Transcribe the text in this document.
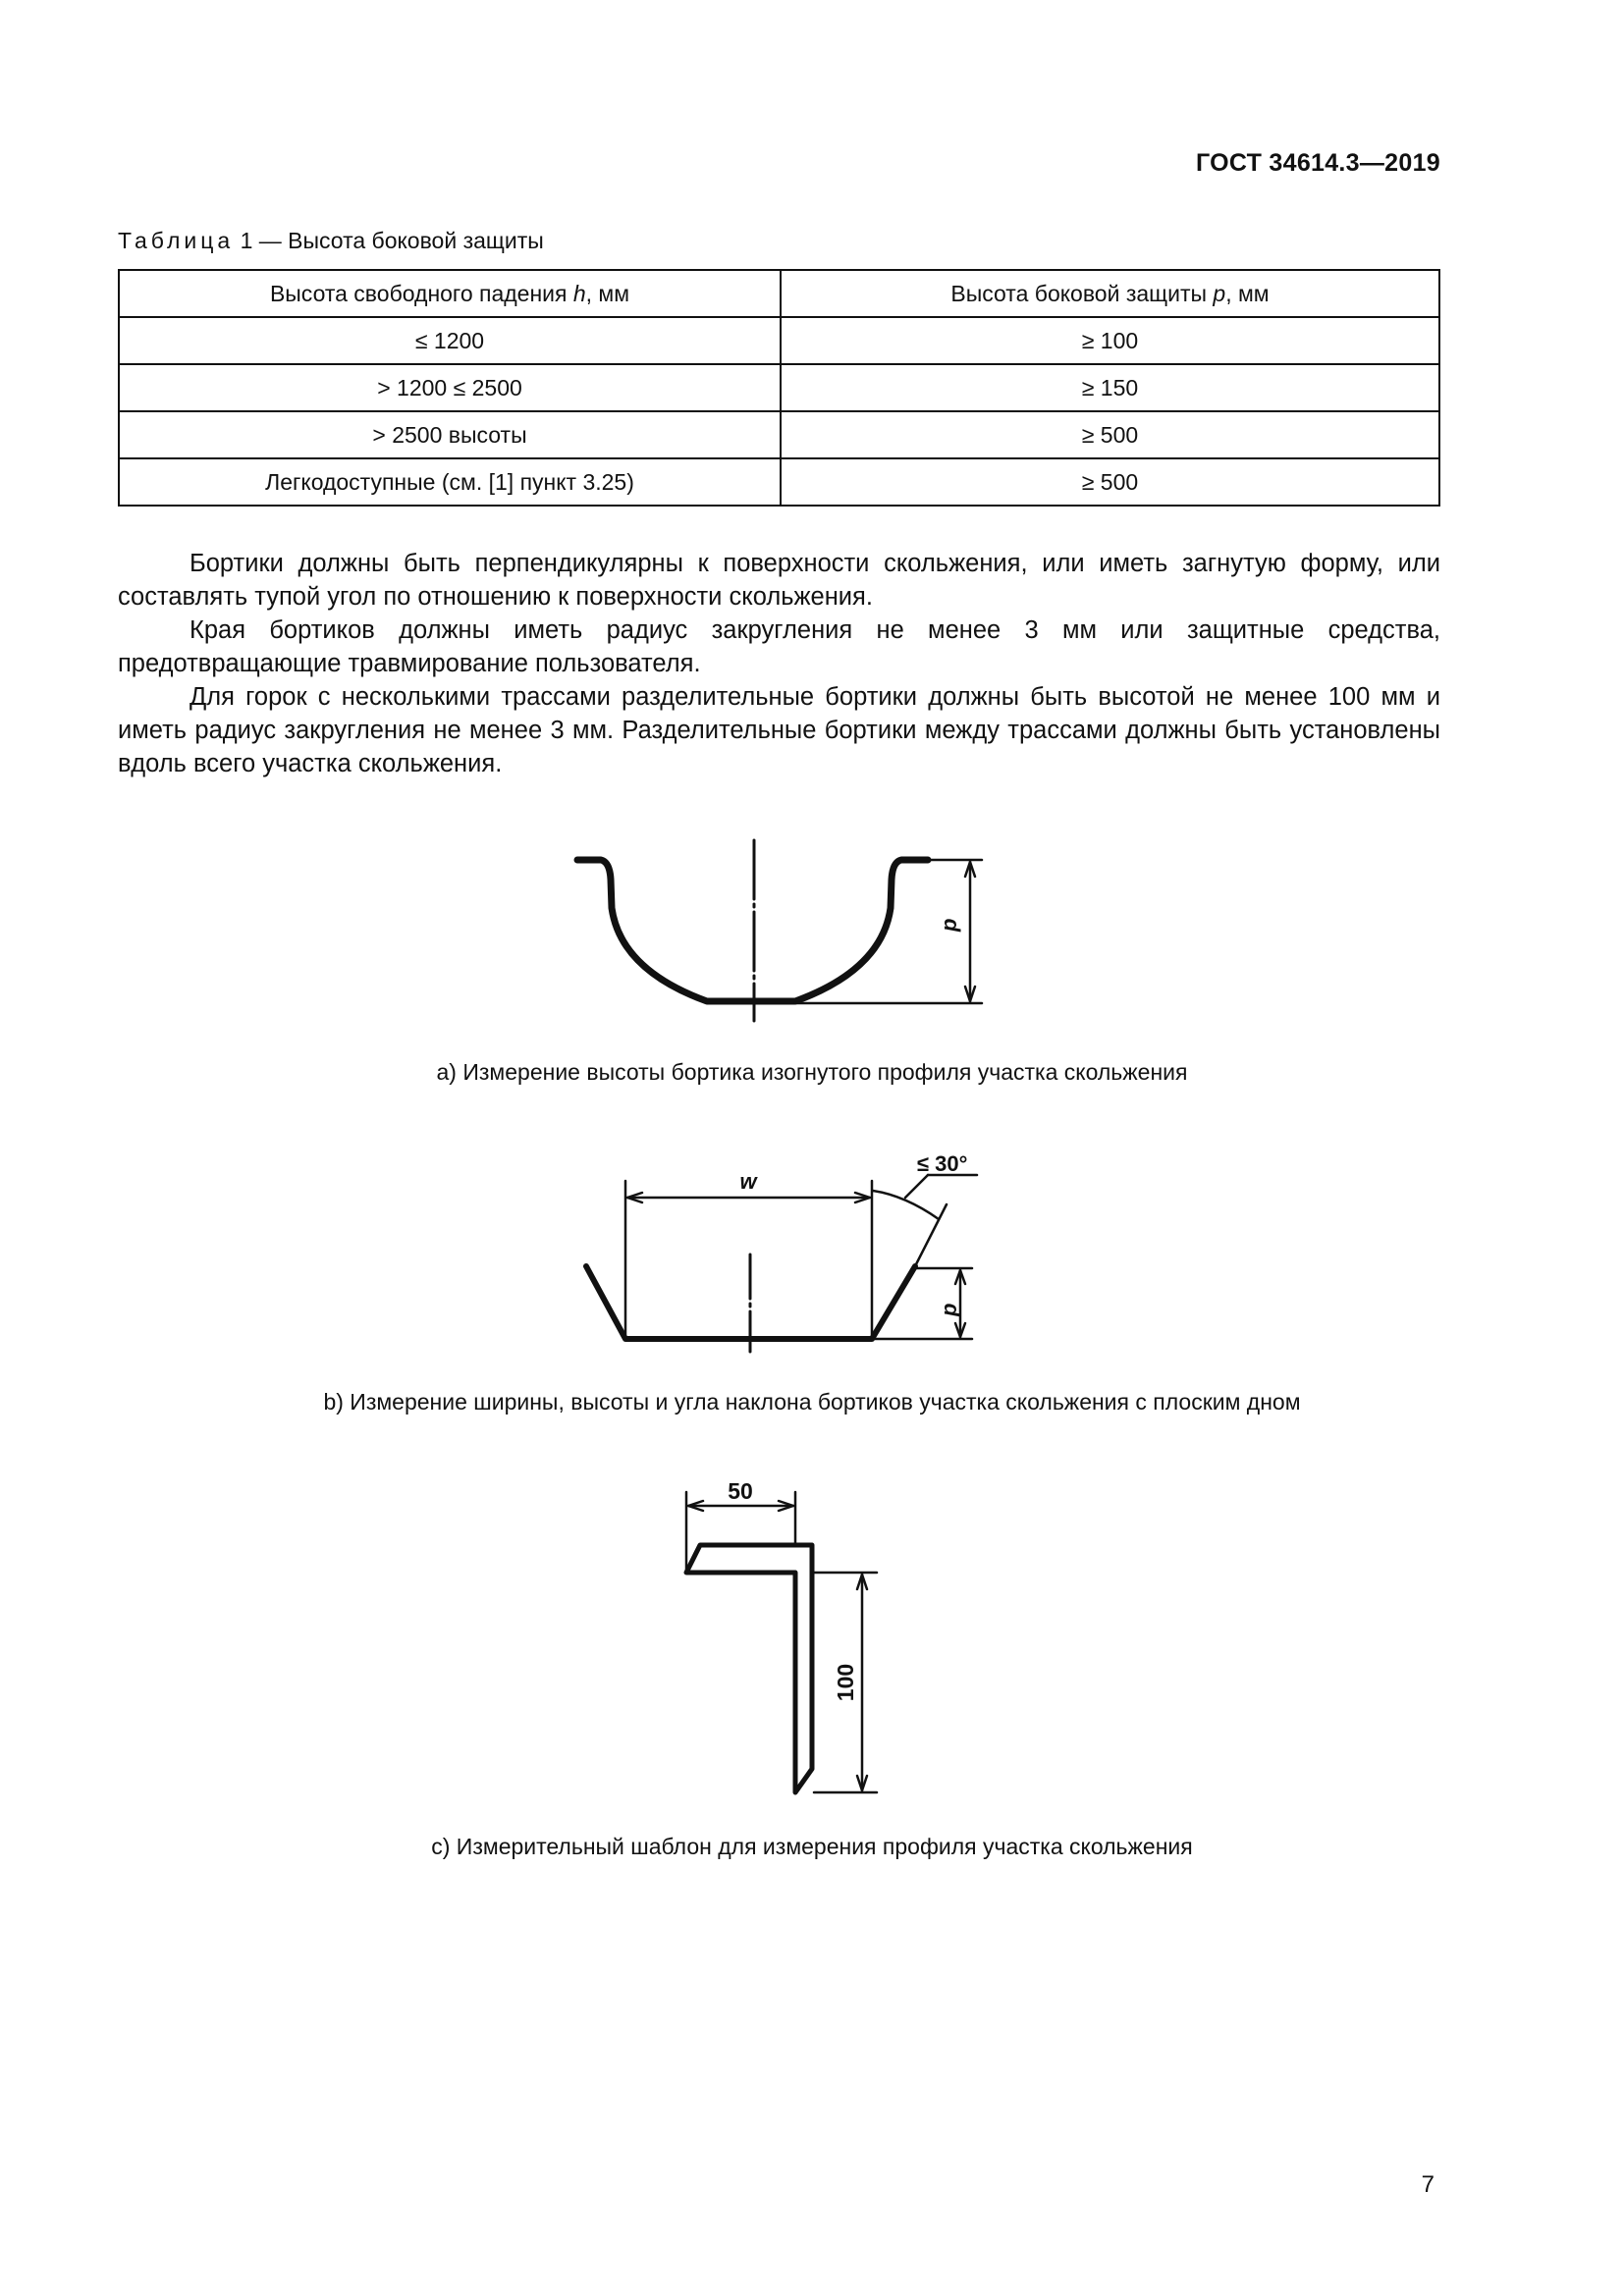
ГОСТ 34614.3—2019
Таблица 1 — Высота боковой защиты
Высота свободного падения h, мм	Высота боковой защиты p, мм
≤ 1200	≥ 100
> 1200 ≤ 2500	≥ 150
> 2500 высоты	≥ 500
Легкодоступные (см. [1] пункт 3.25)	≥ 500

Бортики должны быть перпендикулярны к поверхности скольжения, или иметь загнутую форму, или составлять тупой угол по отношению к поверхности скольжения.

Края бортиков должны иметь радиус закругления не менее 3 мм или защитные средства, предотвращающие травмирование пользователя.

Для горок с несколькими трассами разделительные бортики должны быть высотой не менее 100 мм и иметь радиус закругления не менее 3 мм. Разделительные бортики между трассами должны быть установлены вдоль всего участка скольжения.

p
w
≤ 30°
p
50
100
a) Измерение высоты бортика изогнутого профиля участка скольжения
b) Измерение ширины, высоты и угла наклона бортиков участка скольжения с плоским дном
c) Измерительный шаблон для измерения профиля участка скольжения
7
